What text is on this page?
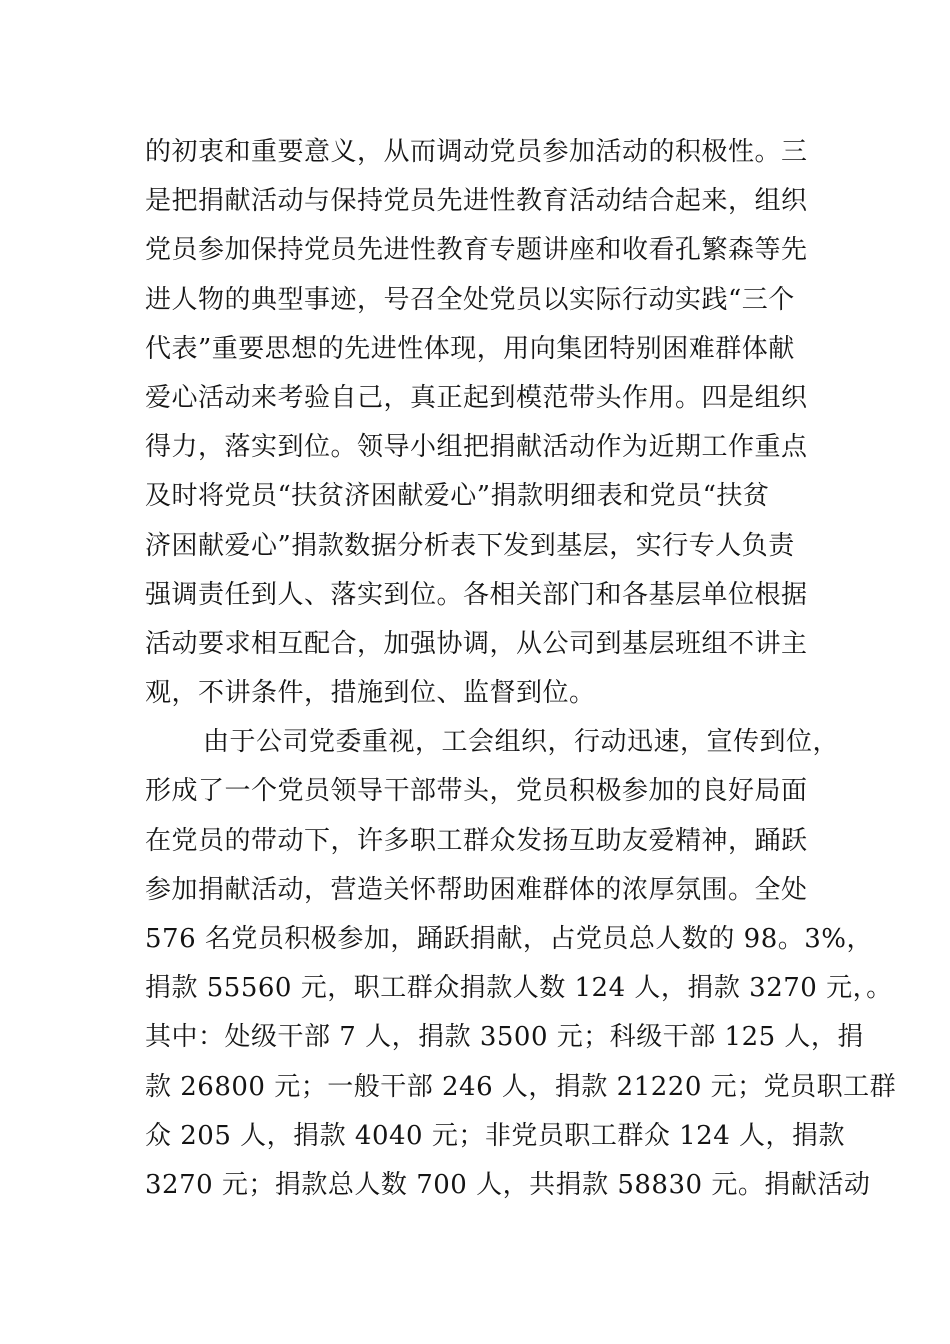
的初衷和重要意义，从而调动党员参加活动的积极性。三
是把捐献活动与保持党员先进性教育活动结合起来，组织
党员参加保持党员先进性教育专题讲座和收看孔繁森等先
进人物的典型事迹，号召全处党员以实际行动实践“三个
代表”重要思想的先进性体现，用向集团特别困难群体献
爱心活动来考验自己，真正起到模范带头作用。四是组织
得力，落实到位。领导小组把捐献活动作为近期工作重点
及时将党员“扶贫济困献爱心”捐款明细表和党员“扶贫
济困献爱心”捐款数据分析表下发到基层，实行专人负责
强调责任到人、落实到位。各相关部门和各基层单位根据
活动要求相互配合，加强协调，从公司到基层班组不讲主
观，不讲条件，措施到位、监督到位。
由于公司党委重视，工会组织，行动迅速，宣传到位，
形成了一个党员领导干部带头，党员积极参加的良好局面
在党员的带动下，许多职工群众发扬互助友爱精神，踊跃
参加捐献活动，营造关怀帮助困难群体的浓厚氛围。全处
576 名党员积极参加，踊跃捐献，占党员总人数的 98。3%，
捐款 55560 元，职工群众捐款人数 124 人，捐款 3270 元，。
其中：处级干部 7 人，捐款 3500 元；科级干部 125 人，捐
款 26800 元；一般干部 246 人，捐款 21220 元；党员职工群
众 205 人，捐款 4040 元；非党员职工群众 124 人，捐款
3270 元；捐款总人数 700 人，共捐款 58830 元。捐献活动
